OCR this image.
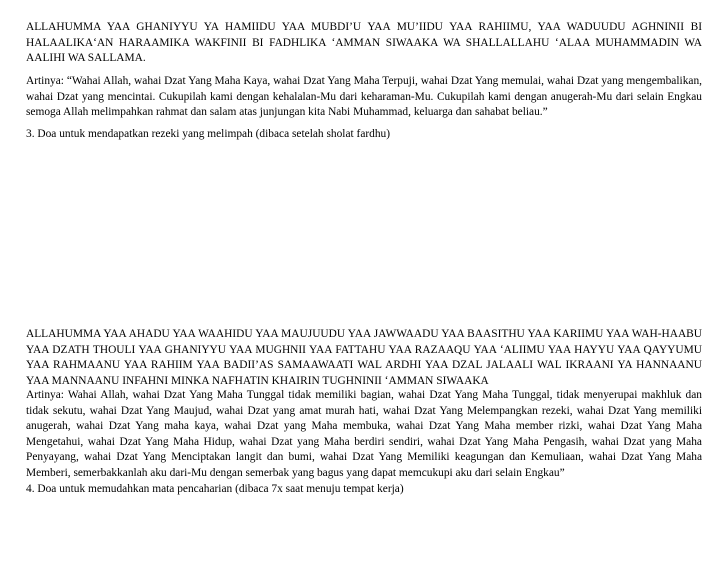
ALLAHUMMA YAA GHANIYYU YA HAMIIDU YAA MUBDI’U YAA MU’IIDU YAA RAHIIMU, YAA WADUUDU AGHNINII BI HALAALIKA‘AN HARAAMIKA WAKFINII BI FADHLIKA ‘AMMAN SIWAAKA WA SHALLALLAHU ‘ALAA MUHAMMADIN WA AALIHI WA SALLAMA.

Artinya: “Wahai Allah, wahai Dzat Yang Maha Kaya, wahai Dzat Yang Maha Terpuji, wahai Dzat Yang memulai, wahai Dzat yang mengembalikan, wahai Dzat yang mencintai. Cukupilah kami dengan kehalalan-Mu dari keharaman-Mu. Cukupilah kami dengan anugerah-Mu dari selain Engkau semoga Allah melimpahkan rahmat dan salam atas junjungan kita Nabi Muhammad, keluarga dan sahabat beliau.”

3. Doa untuk mendapatkan rezeki yang melimpah (dibaca setelah sholat fardhu)

ALLAHUMMA YAA AHADU YAA WAAHIDU YAA MAUJUUDU YAA JAWWAADU YAA BAASITHU YAA KARIIMU YAA WAH-HAABU YAA DZATH THOULI YAA GHANIYYU YAA MUGHNII YAA FATTAHU YAA RAZAAQU YAA ‘ALIIMU YAA HAYYU YAA QAYYUMU YAA RAHMAANU YAA RAHIIM YAA BADII’AS SAMAAWAATI WAL ARDHI YAA DZAL JALAALI WAL IKRAANI YA HANNAANU YAA MANNAANU INFAHNI MINKA NAFHATIN KHAIRIN TUGHNINII ‘AMMAN SIWAAKA

Artinya: Wahai Allah, wahai Dzat Yang Maha Tunggal tidak memiliki bagian, wahai Dzat Yang Maha Tunggal, tidak menyerupai makhluk dan tidak sekutu, wahai Dzat Yang Maujud, wahai Dzat yang amat murah hati, wahai Dzat Yang Melempangkan rezeki, wahai Dzat Yang memiliki anugerah, wahai Dzat Yang maha kaya, wahai Dzat yang Maha membuka, wahai Dzat Yang Maha member rizki, wahai Dzat Yang Maha Mengetahui, wahai Dzat Yang Maha Hidup, wahai Dzat yang Maha berdiri sendiri, wahai Dzat Yang Maha Pengasih, wahai Dzat yang Maha Penyayang, wahai Dzat Yang Menciptakan langit dan bumi, wahai Dzat Yang Memiliki keagungan dan Kemuliaan, wahai Dzat Yang Maha Memberi, semerbakkanlah aku dari-Mu dengan semerbak yang bagus yang dapat memcukupi aku dari selain Engkau”

4. Doa untuk memudahkan mata pencaharian (dibaca 7x saat menuju tempat kerja)
